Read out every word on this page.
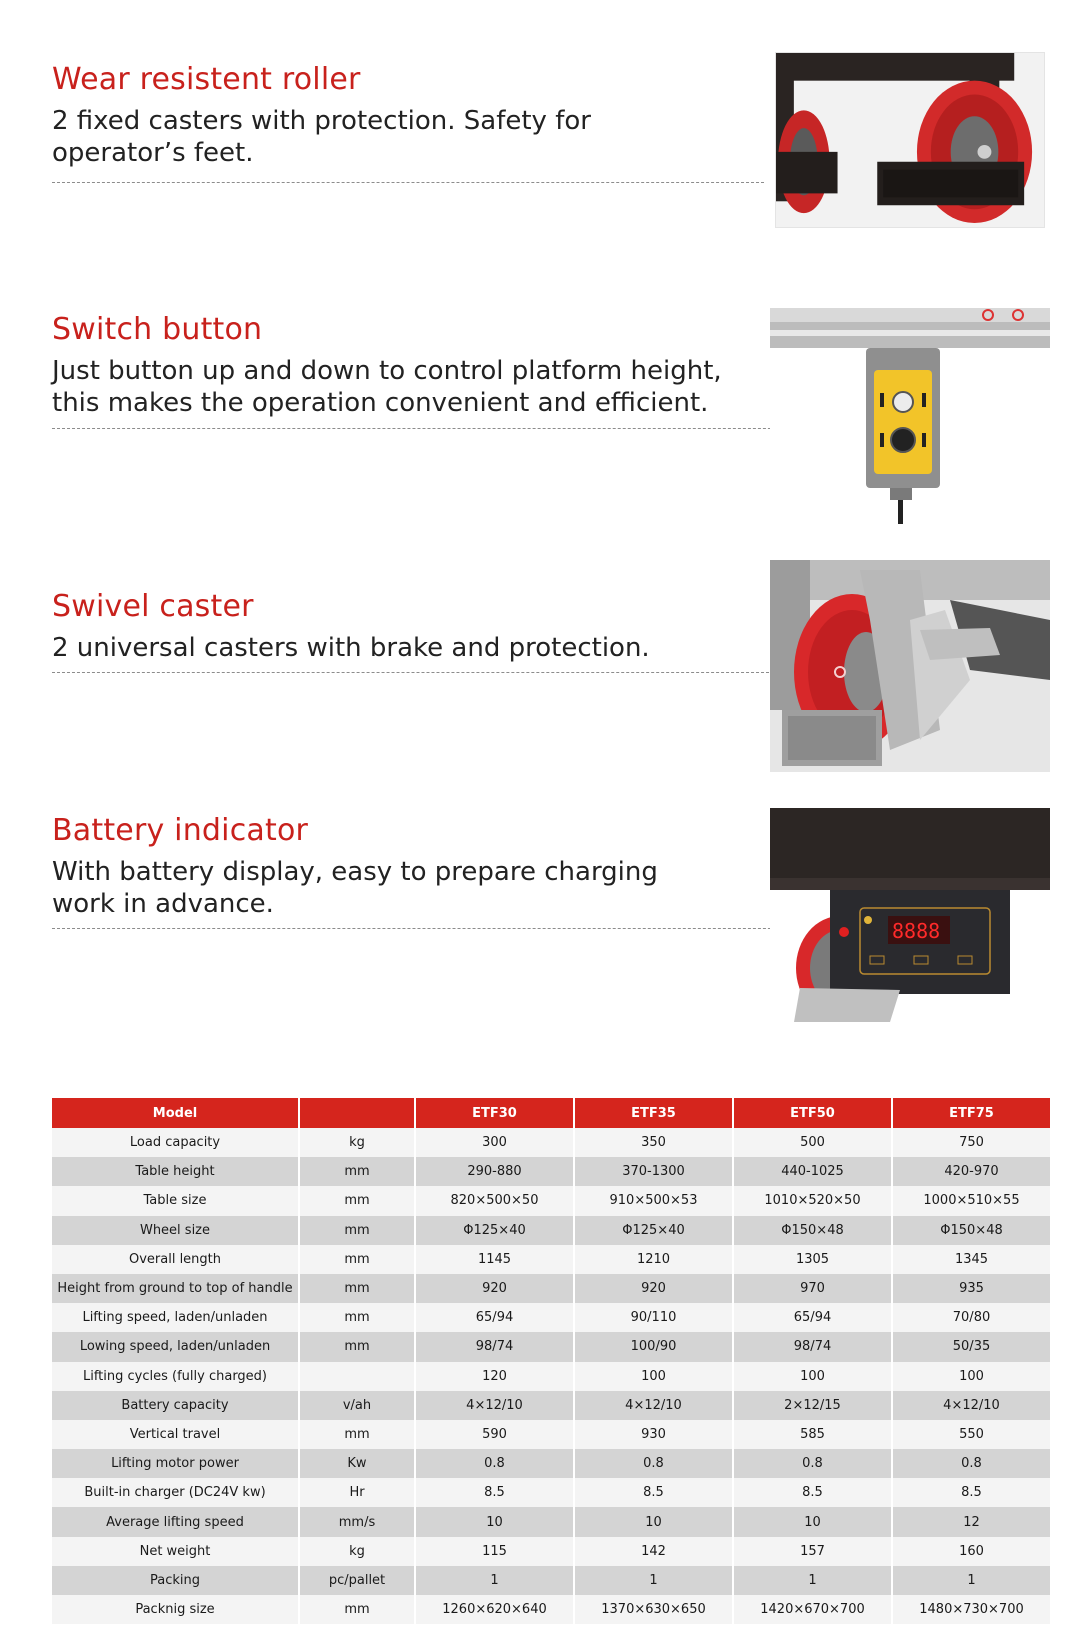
Wear resistent roller

2 fixed casters with protection. Safety for
operator’s feet.

Switch button

Just button up and down to control platform height,
this makes the operation convenient and efficient.

Swivel caster

2 universal casters with brake and protection.

Battery indicator

With battery display, easy to prepare charging
work in advance.

8888
Model		ETF30	ETF35	ETF50	ETF75
Load capacity	kg	300	350	500	750
Table height	mm	290-880	370-1300	440-1025	420-970
Table size	mm	820×500×50	910×500×53	1010×520×50	1000×510×55
Wheel size	mm	Φ125×40	Φ125×40	Φ150×48	Φ150×48
Overall length	mm	1145	1210	1305	1345
Height from ground to top of handle	mm	920	920	970	935
Lifting speed, laden/unladen	mm	65/94	90/110	65/94	70/80
Lowing speed, laden/unladen	mm	98/74	100/90	98/74	50/35
Lifting cycles (fully charged)		120	100	100	100
Battery capacity	v/ah	4×12/10	4×12/10	2×12/15	4×12/10
Vertical travel	mm	590	930	585	550
Lifting motor power	Kw	0.8	0.8	0.8	0.8
Built-in charger (DC24V kw)	Hr	8.5	8.5	8.5	8.5
Average lifting speed	mm/s	10	10	10	12
Net weight	kg	115	142	157	160
Packing	pc/pallet	1	1	1	1
Packnig size	mm	1260×620×640	1370×630×650	1420×670×700	1480×730×700
